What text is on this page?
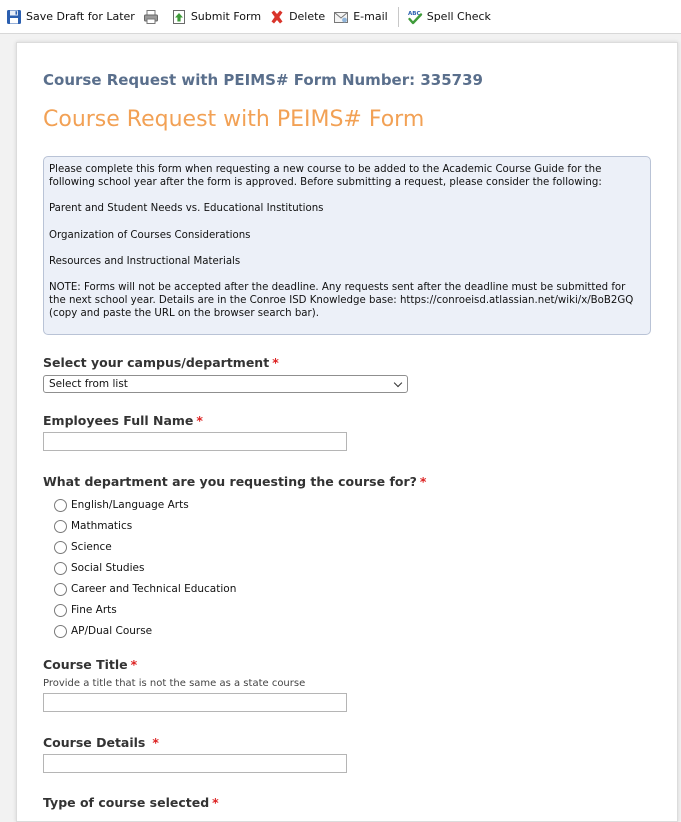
Save Draft for Later	Submit Form	Delete	E-mail	ABC Spell Check
Course Request with PEIMS# Form Number: 335739
Course Request with PEIMS# Form

Please complete this form when requesting a new course to be added to the Academic Course Guide for the following school year after the form is approved. Before submitting a request, please consider the following:

Parent and Student Needs vs. Educational Institutions

Organization of Courses Considerations

Resources and Instructional Materials

NOTE: Forms will not be accepted after the deadline. Any requests sent after the deadline must be submitted for the next school year. Details are in the Conroe ISD Knowledge base: https://conroeisd.atlassian.net/wiki/x/BoB2GQ (copy and paste the URL on the browser search bar).

Select your campus/department *
Select from list
Employees Full Name *
What department are you requesting the course for? *
English/Language Arts
Mathmatics
Science
Social Studies
Career and Technical Education
Fine Arts
AP/Dual Course
Course Title *
Provide a title that is not the same as a state course
Course Details *
Type of course selected *
